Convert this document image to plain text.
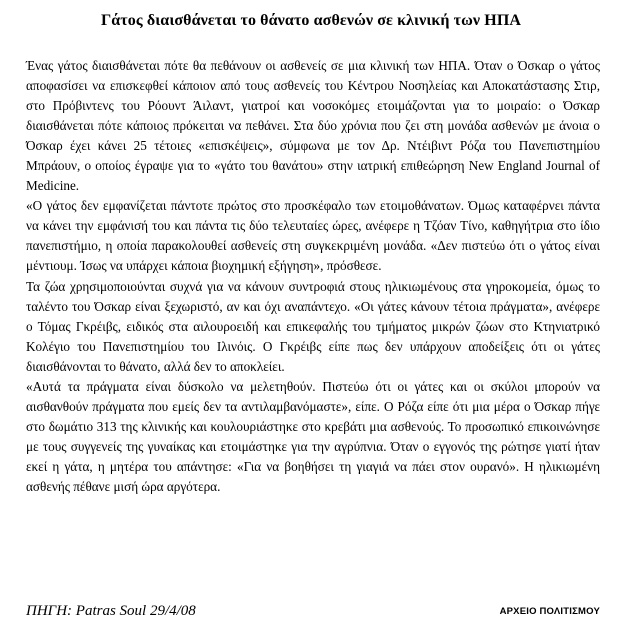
Γάτος διαισθάνεται το θάνατο ασθενών σε κλινική των ΗΠΑ

Ένας γάτος διαισθάνεται πότε θα πεθάνουν οι ασθενείς σε μια κλινική των ΗΠΑ. Όταν ο Όσκαρ ο γάτος αποφασίσει να επισκεφθεί κάποιον από τους ασθενείς του Κέντρου Νοσηλείας και Αποκατάστασης Στιρ, στο Πρόβιντενς του Ρόουντ Άιλαντ, γιατροί και νοσοκόμες ετοιμάζονται για το μοιραίο: ο Όσκαρ διαισθάνεται πότε κάποιος πρόκειται να πεθάνει. Στα δύο χρόνια που ζει στη μονάδα ασθενών με άνοια ο Όσκαρ έχει κάνει 25 τέτοιες «επισκέψεις», σύμφωνα με τον Δρ. Ντέιβιντ Ρόζα του Πανεπιστημίου Μπράουν, ο οποίος έγραψε για το «γάτο του θανάτου» στην ιατρική επιθεώρηση New England Journal of Medicine.

«Ο γάτος δεν εμφανίζεται πάντοτε πρώτος στο προσκέφαλο των ετοιμοθάνατων. Όμως καταφέρνει πάντα να κάνει την εμφάνισή του και πάντα τις δύο τελευταίες ώρες, ανέφερε η Τζόαν Τίνο, καθηγήτρια στο ίδιο πανεπιστήμιο, η οποία παρακολουθεί ασθενείς στη συγκεκριμένη μονάδα. «Δεν πιστεύω ότι ο γάτος είναι μέντιουμ. Ίσως να υπάρχει κάποια βιοχημική εξήγηση», πρόσθεσε.

Τα ζώα χρησιμοποιούνται συχνά για να κάνουν συντροφιά στους ηλικιωμένους στα γηροκομεία, όμως το ταλέντο του Όσκαρ είναι ξεχωριστό, αν και όχι αναπάντεχο. «Οι γάτες κάνουν τέτοια πράγματα», ανέφερε ο Τόμας Γκρέιβς, ειδικός στα αιλουροειδή και επικεφαλής του τμήματος μικρών ζώων στο Κτηνιατρικό Κολέγιο του Πανεπιστημίου του Ιλινόις. Ο Γκρέιβς είπε πως δεν υπάρχουν αποδείξεις ότι οι γάτες διαισθάνονται το θάνατο, αλλά δεν το αποκλείει.

«Αυτά τα πράγματα είναι δύσκολο να μελετηθούν. Πιστεύω ότι οι γάτες και οι σκύλοι μπορούν να αισθανθούν πράγματα που εμείς δεν τα αντιλαμβανόμαστε», είπε. Ο Ρόζα είπε ότι μια μέρα ο Όσκαρ πήγε στο δωμάτιο 313 της κλινικής και κουλουριάστηκε στο κρεβάτι μια ασθενούς. Το προσωπικό επικοινώνησε με τους συγγενείς της γυναίκας και ετοιμάστηκε για την αγρύπνια. Όταν ο εγγονός της ρώτησε γιατί ήταν εκεί η γάτα, η μητέρα του απάντησε: «Για να βοηθήσει τη γιαγιά να πάει στον ουρανό». Η ηλικιωμένη ασθενής πέθανε μισή ώρα αργότερα.

ΠΗΓΗ: Patras Soul 29/4/08	ΑΡΧΕΙΟ ΠΟΛΙΤΙΣΜΟΥ
